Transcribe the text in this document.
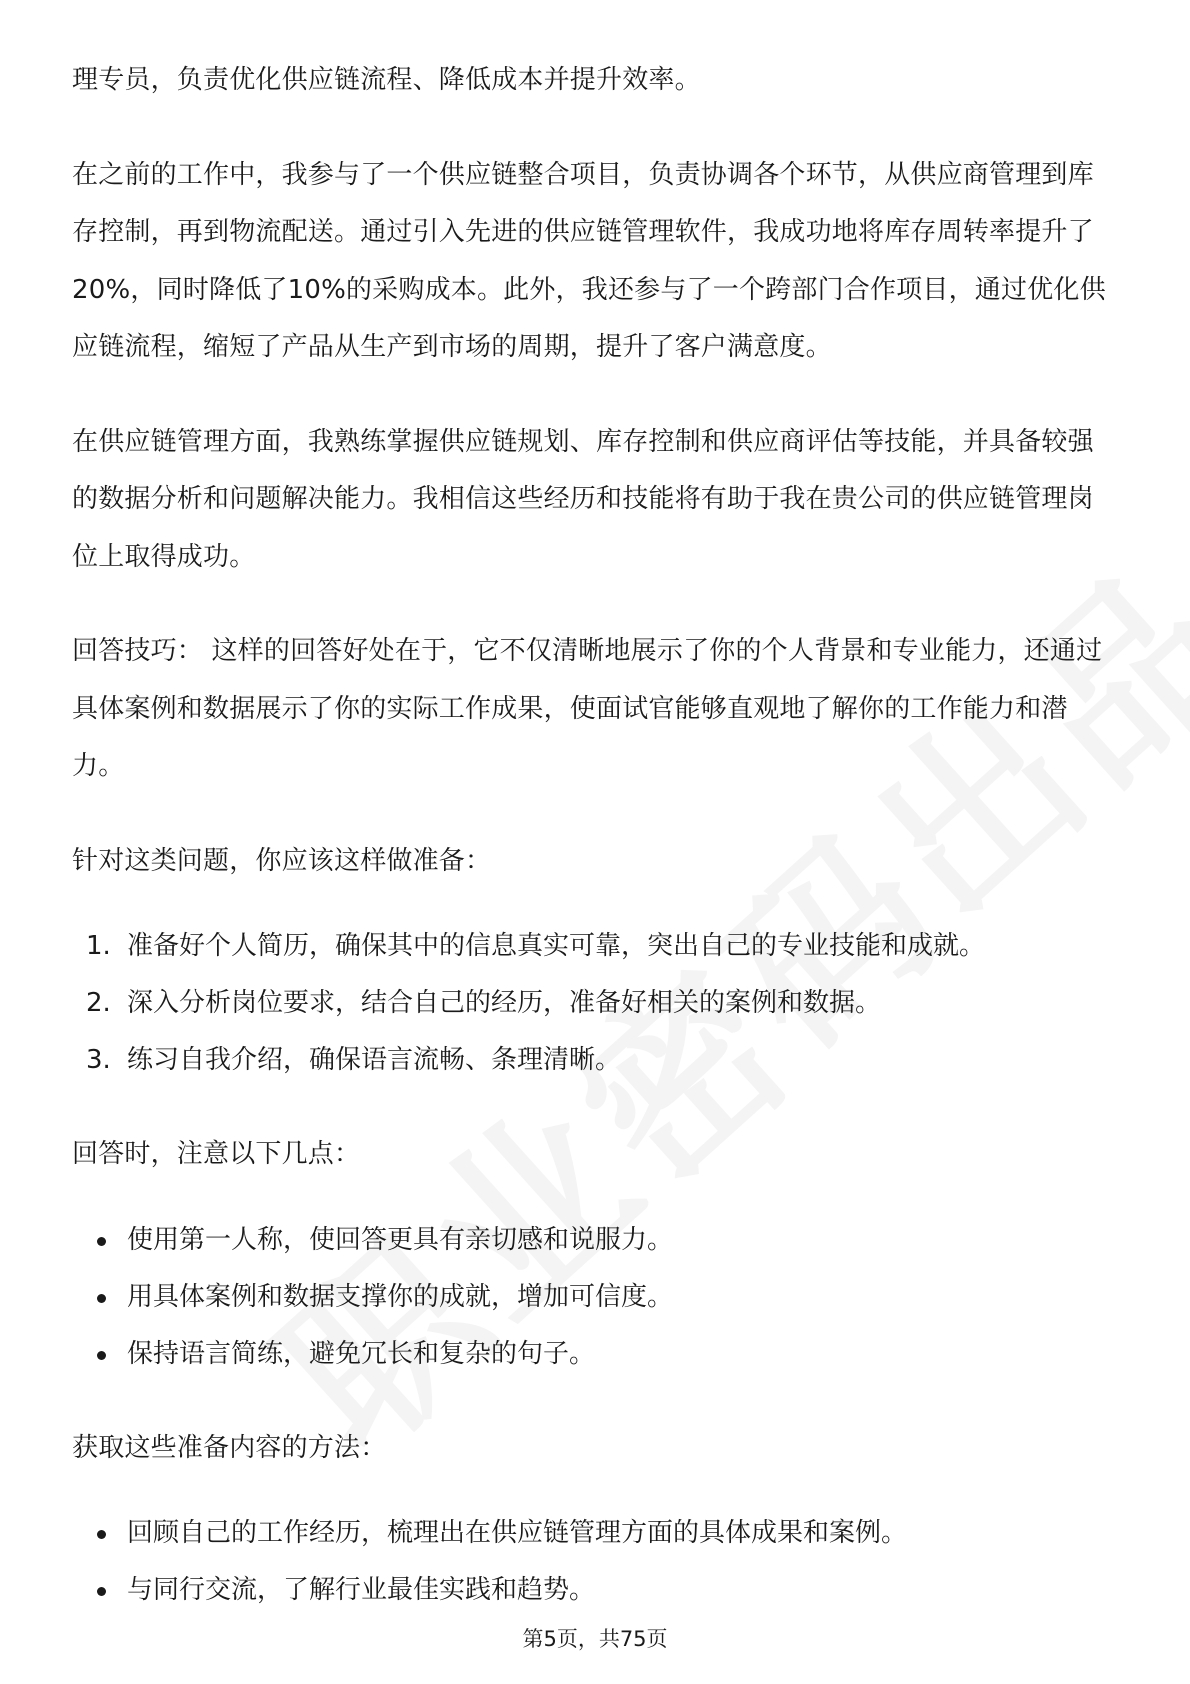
理专员，负责优化供应链流程、降低成本并提升效率。

在之前的工作中，我参与了一个供应链整合项目，负责协调各个环节，从供应商管理到库存控制，再到物流配送。通过引入先进的供应链管理软件，我成功地将库存周转率提升了20%，同时降低了10%的采购成本。此外，我还参与了一个跨部门合作项目，通过优化供应链流程，缩短了产品从生产到市场的周期，提升了客户满意度。

在供应链管理方面，我熟练掌握供应链规划、库存控制和供应商评估等技能，并具备较强的数据分析和问题解决能力。我相信这些经历和技能将有助于我在贵公司的供应链管理岗位上取得成功。

回答技巧： 这样的回答好处在于，它不仅清晰地展示了你的个人背景和专业能力，还通过具体案例和数据展示了你的实际工作成果，使面试官能够直观地了解你的工作能力和潜力。

针对这类问题，你应该这样做准备：

1. 准备好个人简历，确保其中的信息真实可靠，突出自己的专业技能和成就。
2. 深入分析岗位要求，结合自己的经历，准备好相关的案例和数据。
3. 练习自我介绍，确保语言流畅、条理清晰。

回答时，注意以下几点：

使用第一人称，使回答更具有亲切感和说服力。
用具体案例和数据支撑你的成就，增加可信度。
保持语言简练，避免冗长和复杂的句子。

获取这些准备内容的方法：

回顾自己的工作经历，梳理出在供应链管理方面的具体成果和案例。
与同行交流，了解行业最佳实践和趋势。
第5页，共75页
